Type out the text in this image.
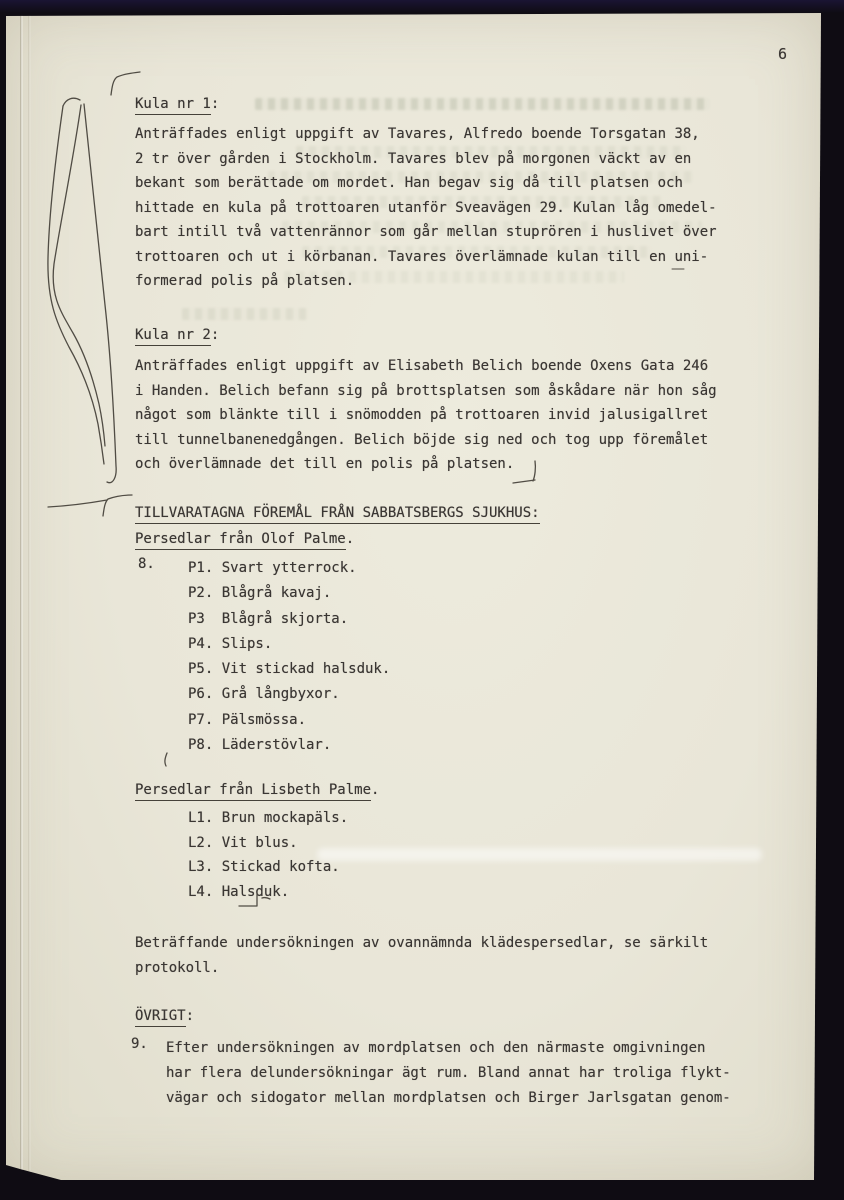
6
Kula nr 1:
Anträffades enligt uppgift av Tavares, Alfredo boende Torsgatan 38,
2 tr över gården i Stockholm. Tavares blev på morgonen väckt av en
bekant som berättade om mordet. Han begav sig då till platsen och
hittade en kula på trottoaren utanför Sveavägen 29. Kulan låg omedel-
bart intill två vattenrännor som går mellan stuprören i huslivet över
trottoaren och ut i körbanan. Tavares överlämnade kulan till en uni-
formerad polis på platsen.
Kula nr 2:
Anträffades enligt uppgift av Elisabeth Belich boende Oxens Gata 246
i Handen. Belich befann sig på brottsplatsen som åskådare när hon såg
något som blänkte till i snömodden på trottoaren invid jalusigallret
till tunnelbanenedgången. Belich böjde sig ned och tog upp föremålet
och överlämnade det till en polis på platsen.
TILLVARATAGNA FÖREMÅL FRÅN SABBATSBERGS SJUKHUS:
Persedlar från Olof Palme.
8. P1. Svart ytterrock.
P2. Blågrå kavaj.
P3  Blågrå skjorta.
P4. Slips.
P5. Vit stickad halsduk.
P6. Grå långbyxor.
P7. Pälsmössa.
P8. Läderstövlar.
Persedlar från Lisbeth Palme.
L1. Brun mockapäls.
L2. Vit blus.
L3. Stickad kofta.
L4. Halsduk.
Beträffande undersökningen av ovannämnda klädespersedlar, se särkilt
protokoll.
ÖVRIGT:
9. Efter undersökningen av mordplatsen och den närmaste omgivningen
har flera delundersökningar ägt rum. Bland annat har troliga flykt-
vägar och sidogator mellan mordplatsen och Birger Jarlsgatan genom-
